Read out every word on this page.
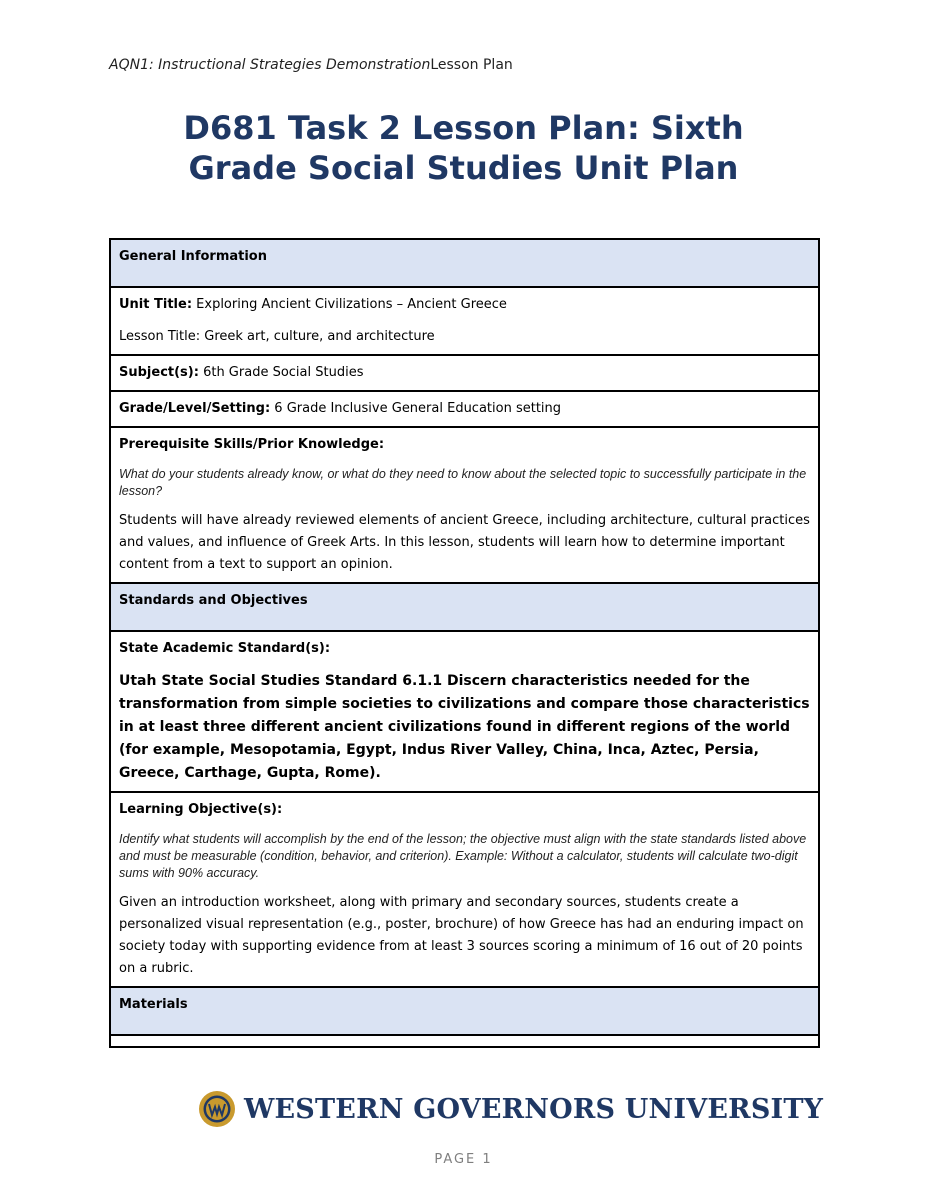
AQN1: Instructional Strategies DemonstrationLesson Plan
D681 Task 2 Lesson Plan: Sixth
Grade Social Studies Unit Plan
General Information

Unit Title: Exploring Ancient Civilizations – Ancient Greece

Lesson Title: Greek art, culture, and architecture

Subject(s): 6th Grade Social Studies
Grade/Level/Setting: 6 Grade Inclusive General Education setting

Prerequisite Skills/Prior Knowledge:

What do your students already know, or what do they need to know about the selected topic to successfully participate in the lesson?

Students will have already reviewed elements of ancient Greece, including architecture, cultural practices and values, and influence of Greek Arts. In this lesson, students will learn how to determine important content from a text to support an opinion.

Standards and Objectives

State Academic Standard(s):

Utah State Social Studies Standard 6.1.1 Discern characteristics needed for the transformation from simple societies to civilizations and compare those characteristics in at least three different ancient civilizations found in different regions of the world (for example, Mesopotamia, Egypt, Indus River Valley, China, Inca, Aztec, Persia, Greece, Carthage, Gupta, Rome).

Learning Objective(s):

Identify what students will accomplish by the end of the lesson; the objective must align with the state standards listed above and must be measurable (condition, behavior, and criterion). Example: Without a calculator, students will calculate two-digit sums with 90% accuracy.

Given an introduction worksheet, along with primary and secondary sources, students create a personalized visual representation (e.g., poster, brochure) of how Greece has had an enduring impact on society today with supporting evidence from at least 3 sources scoring a minimum of 16 out of 20 points on a rubric.

Materials

WESTERN GOVERNORS UNIVERSITY
PAGE 1
